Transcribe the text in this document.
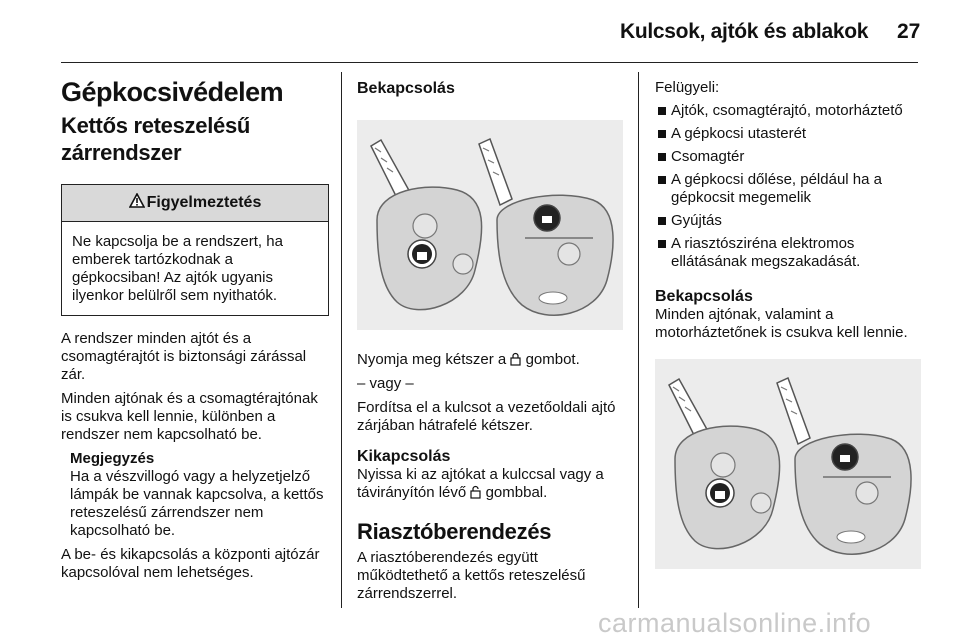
Kulcsok, ajtók és ablakok 27
Gépkocsivédelem
Kettős reteszelésű zárrendszer
Figyelmeztetés
Ne kapcsolja be a rendszert, ha emberek tartózkodnak a gépkocsiban! Az ajtók ugyanis ilyenkor belülről sem nyithatók.

A rendszer minden ajtót és a csomagtérajtót is biztonsági zárással zár.

Minden ajtónak és a csomagtérajtónak is csukva kell lennie, különben a rendszer nem kapcsolható be.

Megjegyzés
Ha a vészvillogó vagy a helyzetjelző lámpák be vannak kapcsolva, a kettős reteszelésű zárrendszer nem kapcsolható be.

A be- és kikapcsolás a központi ajtózár kapcsolóval nem lehetséges.

Bekapcsolás

Nyomja meg kétszer a gombot.

– vagy –

Fordítsa el a kulcsot a vezetőoldali ajtó zárjában hátrafelé kétszer.

Kikapcsolás

Nyissa ki az ajtókat a kulccsal vagy a távirányítón lévő gombbal.

Riasztóberendezés

A riasztóberendezés együtt működtethető a kettős reteszelésű zárrendszerrel.

Felügyeli:

Ajtók, csomagtérajtó, motorháztető
A gépkocsi utasterét
Csomagtér
A gépkocsi dőlése, például ha a gépkocsit megemelik
Gyújtás
A riasztósziréna elektromos ellátásának megszakadását.
Bekapcsolás

Minden ajtónak, valamint a motorháztetőnek is csukva kell lennie.

carmanualsonline.info
